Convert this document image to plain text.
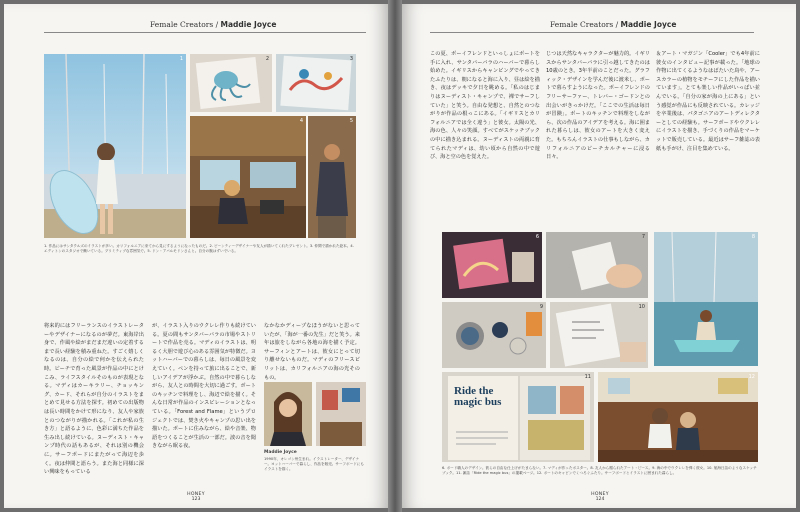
Female Creators / Maddie Joyce
1	2	3
4	5
1. 作品にはサンタクルズのイラストが多い。カリフォルニアに来てから見にするようになったものだ。2. ビーンティーデザイナーや友人が描いてくれたプレゼント。3. 仲間で描かれた絵本。4. エディトンのスタジオで働いている。プリミティブな雰囲気で。5. ドン・アバルモドンさんと。自分の腕はずいでいる。
将来的にはフリーランスのイラストレーターやデザイナーになるのが夢だ。東海岸出身で、作風や絵がまだまだ違いの定着するまで長い経験を積み重ねた。すごく嬉しくなるのは、自分の絵で何かを伝えられた時。ビーチで育った風景が作品の中にとけこみ、ライフスタイルそのものが表現となる。マディはカーキラリー、チョッキング、カード、それらが自分のイラストをまとめて見せる方法を探す。初めての出版物は長い時間をかけて形になり、友人や家族とのつながりが描かれる。「これが私の生き方」と語るように、色彩に満ちた作品を生み出し続けている。ヌーディスト・キャンプ時代の話もあるが、それは別の機会に。サーフボードにまたがって海辺を歩く。夜は仲間と語らう。また海と同様に深い興味をもっている
が、イラスト入りのウクレレ作りも続けている。夏の間もサンタバーバラの市場やストリートで作品を売る。マディのイラストは、明るく大胆で遊び心のある雰囲気が特徴だ。ヨットハーバーでの暮らしは、毎日の風景を変えていく。ペンを持って旅に出ることで、新しいアイデアが浮かぶ。自然の中で暮らしながら、友人との時間を大切に過ごす。ボートのキッチンで料理をし、海辺で絵を描く。そんな日常が作品のインスピレーションとなっている。「Forest and Flame」というプロジェクトでは、焚き火やキャンプの思い出を描いた。ボートに住みながら、絵や音楽、物語をつくることが生活の一部だ。波の音を聞きながら眠る夜。
なかなかディープなほうがないと思っていたが、「海が一番の先生」だと笑う。来年は旅をしながら各地の海を描く予定。サーフィンとアートは、彼女にとって切り離せないものだ。マディのフリースピリットは、カリフォルニアの海の光そのもの。
Maddie Joyce
1990年、オレゴン州生まれ。イラストレーター、デザイナー。ヨットハーバーで暮らし、作品を販売。サーフボードにもイラストを描く。
HONEY
123
Female Creators / Maddie Joyce
この夏、ボーイフレンドといっしょにボートを手に入れ、サンタバーバラのハーバーで暮らし始めた。イギリスからキャンピングでやってきたふたりは、朝になると海に入り、昼は絵を描き、夜はデッキで夕日を眺める。「私のはじまりはヌーディスト・キャンプで、裸でサーフしていた」と笑う。自由な発想と、自然とのつながりが作品の根っこにある。「イギリスとカリフォルニアでは全く違う」と彼女。太陽の光、海の色、人々の笑顔。すべてがスケッチブックの中に描き込まれる。ヌーディストの両親に育てられたマディは、幼い頃から自然の中で遊び、海と空の色を覚えた。
じつは天然なキャラクターが魅力的。イギリスからサンタバーバラに引っ越してきたのは10歳のとき。3年半前のことだった。グラフィック・デザインを学んだ後に渡米し、ボートで暮らすようになった。ボーイフレンドのフリーサーファー、トレバー・ゴードンとの出会いがきっかけだ。「ここでの生活は毎日が冒険」。ボートのキッチンで料理をしながら、次の作品のアイデアを考える。海に囲まれた暮らしは、彼女のアートを大きく変えた。もちろんイラストの仕事もしながら、カリフォルニアのビーチカルチャーに浸る日々。
＆アート・マガジン「Cooler」でも4年前に彼女のインタビュー記事が載った。「地球の作物に出てくるようなはばたいた鳥や、アースカラーの植物をモチーフにした作品を描いています」。とても楽しい作品がいっぱい並んでいる。「自分の家が海の上にある」という感覚が作品にも反映されている。カレッジを卒業後は、パタゴニアのアートディレクターとしての経験も。サーフボードやウクレレにイラストを描き、手づくりの作品をマーケットで販売している。最近はサーフ雑誌の表紙も手がけ、注目を集めている。
6	7	8
9	10
Ride the magic bus
11	12
6. ボード職人のデザイン。彼らの自由な仕上げがたまらない。7. マディが作ったポスター。8. 友人から贈られたアート・ピース。9. 海の中でウクレレを弾く彼女。10. 航海日誌のようなスケッチブック。11. 雑誌「Ride the magic bus」の掲載ページ。12. ボートのキャビンでくつろぐふたり。サーフボードとイラストに囲まれた暮らし。
HONEY
124
